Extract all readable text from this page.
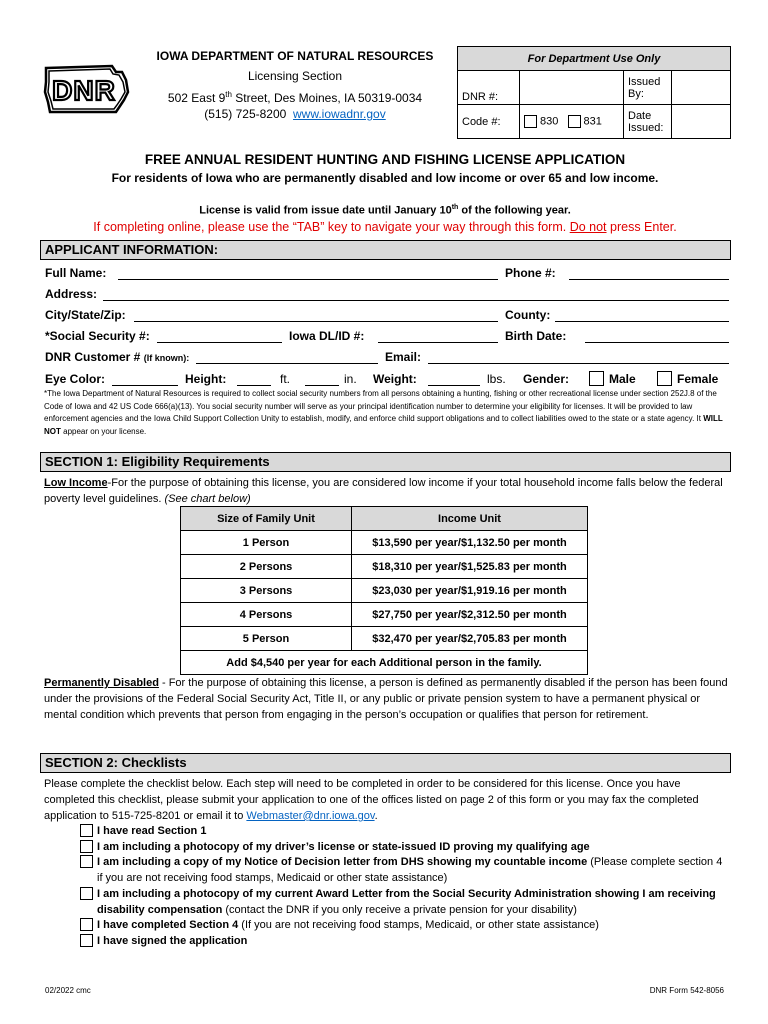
DNR
IOWA DEPARTMENT OF NATURAL RESOURCES
Licensing Section
502 East 9th Street, Des Moines, IA 50319-0034
(515) 725-8200 www.iowadnr.gov
For Department Use Only			
DNR #:		Issued By:	
Code #:	830 831	Date Issued:	
FREE ANNUAL RESIDENT HUNTING AND FISHING LICENSE APPLICATION
For residents of Iowa who are permanently disabled and low income or over 65 and low income.
License is valid from issue date until January 10th of the following year.
If completing online, please use the “TAB” key to navigate your way through this form. Do not press Enter.
APPLICANT INFORMATION:
Full Name:	Phone #:
Address:
City/State/Zip:	County:
*Social Security #:	Iowa DL/ID #:	Birth Date:
DNR Customer # (If known):	Email:
Eye Color:	Height:	ft.	in. Weight:	lbs. Gender:	Male	Female
*The Iowa Department of Natural Resources is required to collect social security numbers from all persons obtaining a hunting, fishing or other recreational license under section 252J.8 of the Code of Iowa and 42 US Code 666(a)(13). You social security number will serve as your principal identification number to determine your eligibility for licenses. It will be provided to law enforcement agencies and the Iowa Child Support Collection Unity to establish, modify, and enforce child support obligations and to collect liabilities owed to the state or a state agency. It WILL NOT appear on your license.
SECTION 1: Eligibility Requirements
Low Income-For the purpose of obtaining this license, you are considered low income if your total household income falls below the federal poverty level guidelines. (See chart below)
Size of Family Unit	Income Unit
1 Person	$13,590 per year/$1,132.50 per month
2 Persons	$18,310 per year/$1,525.83 per month
3 Persons	$23,030 per year/$1,919.16 per month
4 Persons	$27,750 per year/$2,312.50 per month
5 Person	$32,470 per year/$2,705.83 per month
Add $4,540 per year for each Additional person in the family.	
Permanently Disabled - For the purpose of obtaining this license, a person is defined as permanently disabled if the person has been found under the provisions of the Federal Social Security Act, Title II, or any public or private pension system to have a permanent physical or mental condition which prevents that person from engaging in the person’s occupation or qualifies that person for retirement.
SECTION 2: Checklists
Please complete the checklist below. Each step will need to be completed in order to be considered for this license. Once you have completed this checklist, please submit your application to one of the offices listed on page 2 of this form or you may fax the completed application to 515-725-8201 or email it to Webmaster@dnr.iowa.gov.
I have read Section 1
I am including a photocopy of my driver’s license or state-issued ID proving my qualifying age
I am including a copy of my Notice of Decision letter from DHS showing my countable income (Please complete section 4 if you are not receiving food stamps, Medicaid or other state assistance)
I am including a photocopy of my current Award Letter from the Social Security Administration showing I am receiving disability compensation (contact the DNR if you only receive a private pension for your disability)
I have completed Section 4 (If you are not receiving food stamps, Medicaid, or other state assistance)
I have signed the application
02/2022 cmc	DNR Form 542-8056
